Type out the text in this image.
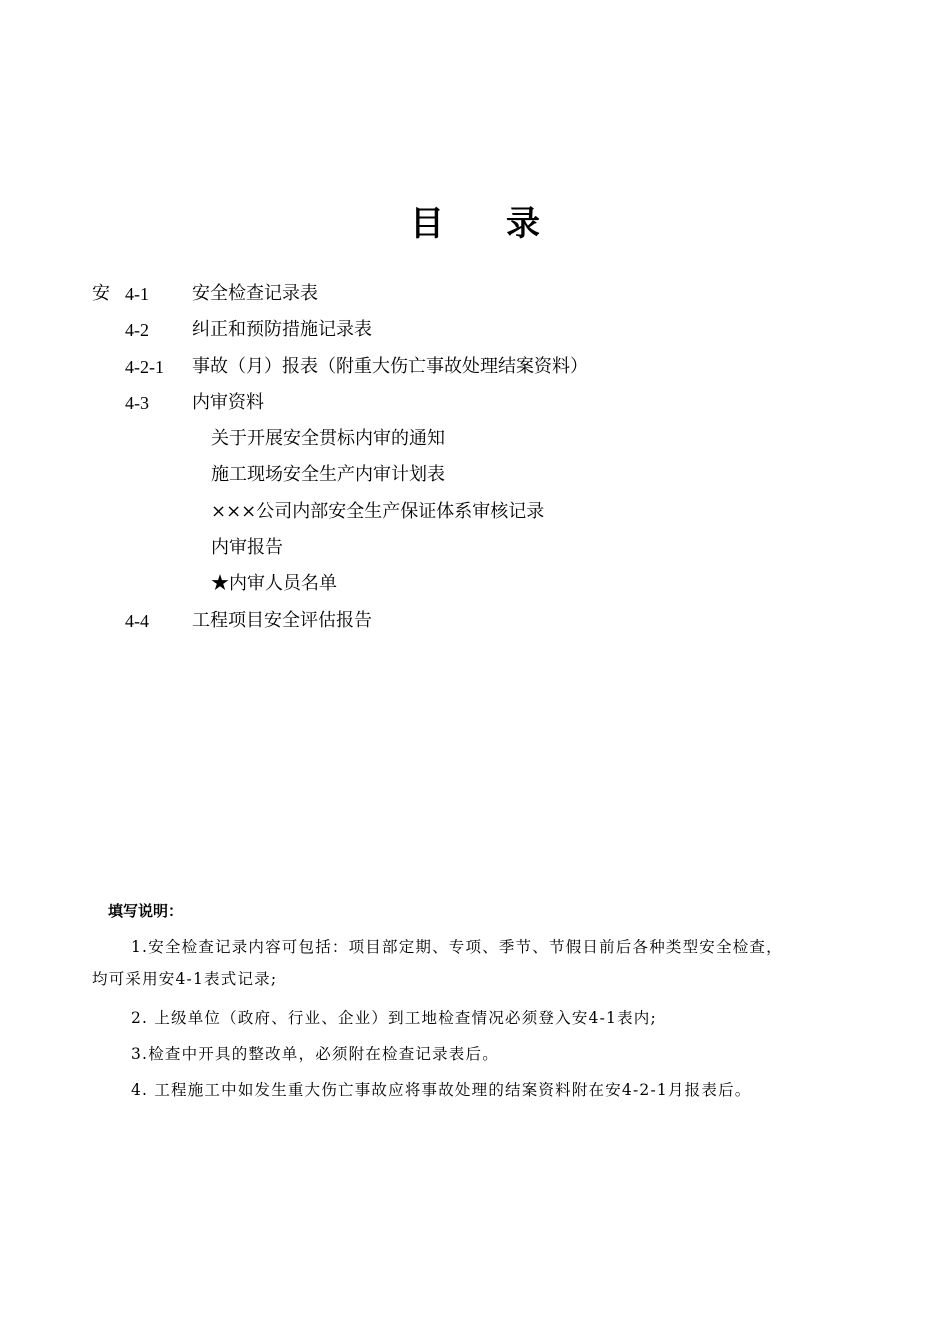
目 录
安 4-1 安全检查记录表
4-2 纠正和预防措施记录表
4-2-1 事故（月）报表（附重大伤亡事故处理结案资料）
4-3 内审资料
关于开展安全贯标内审的通知
施工现场安全生产内审计划表
×××公司内部安全生产保证体系审核记录
内审报告
★内审人员名单
4-4 工程项目安全评估报告
填写说明：
1.安全检查记录内容可包括：项目部定期、专项、季节、节假日前后各种类型安全检查，
均可采用安4-1表式记录;
2. 上级单位（政府、行业、企业）到工地检查情况必须登入安4-1表内;
3.检查中开具的整改单，必须附在检查记录表后。
4. 工程施工中如发生重大伤亡事故应将事故处理的结案资料附在安4-2-1月报表后。
